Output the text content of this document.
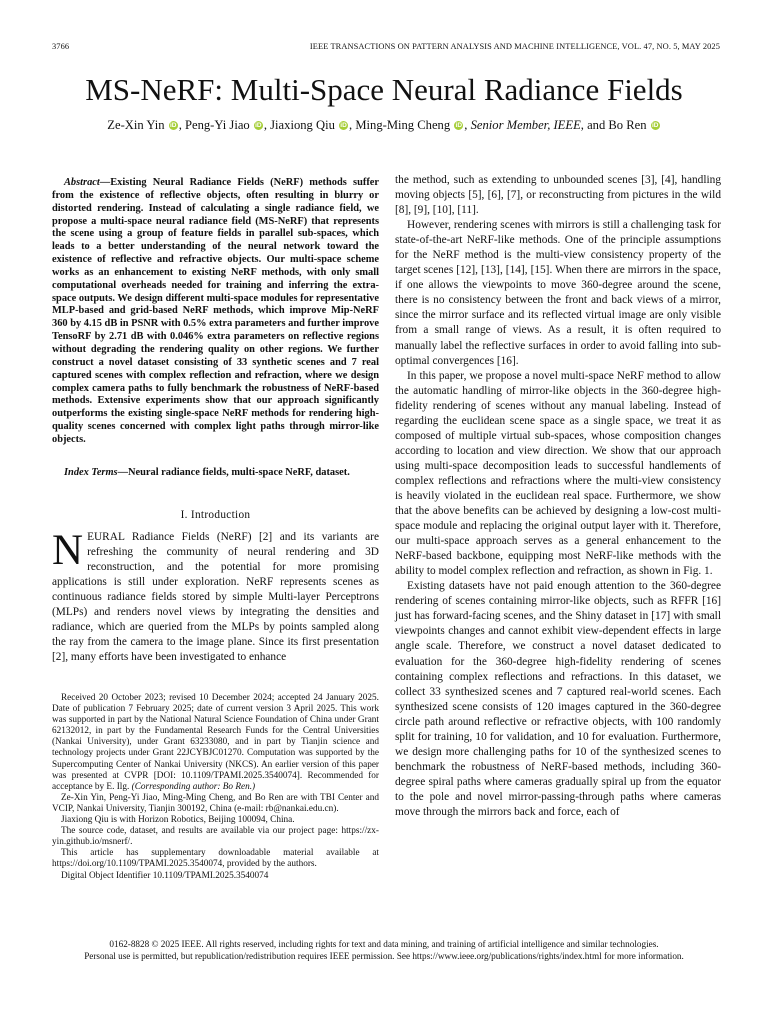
3766	IEEE TRANSACTIONS ON PATTERN ANALYSIS AND MACHINE INTELLIGENCE, VOL. 47, NO. 5, MAY 2025
MS-NeRF: Multi-Space Neural Radiance Fields
Ze-Xin Yin iD , Peng-Yi Jiao iD , Jiaxiong Qiu iD , Ming-Ming Cheng iD , Senior Member, IEEE, and Bo Ren iD

Abstract—Existing Neural Radiance Fields (NeRF) methods suffer from the existence of reflective objects, often resulting in blurry or distorted rendering. Instead of calculating a single radiance field, we propose a multi-space neural radiance field (MS-NeRF) that represents the scene using a group of feature fields in parallel sub-spaces, which leads to a better understanding of the neural network toward the existence of reflective and refractive objects. Our multi-space scheme works as an enhancement to existing NeRF methods, with only small computational overheads needed for training and inferring the extra-space outputs. We design different multi-space modules for representative MLP-based and grid-based NeRF methods, which improve Mip-NeRF 360 by 4.15 dB in PSNR with 0.5% extra parameters and further improve TensoRF by 2.71 dB with 0.046% extra parameters on reflective regions without degrading the rendering quality on other regions. We further construct a novel dataset consisting of 33 synthetic scenes and 7 real captured scenes with complex reflection and refraction, where we design complex camera paths to fully benchmark the robustness of NeRF-based methods. Extensive experiments show that our approach significantly outperforms the existing single-space NeRF methods for rendering high-quality scenes concerned with complex light paths through mirror-like objects.

Index Terms—Neural radiance fields, multi-space NeRF, dataset.

I. Introduction

NEURAL Radiance Fields (NeRF) [2] and its variants are refreshing the community of neural rendering and 3D reconstruction, and the potential for more promising applications is still under exploration. NeRF represents scenes as continuous radiance fields stored by simple Multi-layer Perceptrons (MLPs) and renders novel views by integrating the densities and radiance, which are queried from the MLPs by points sampled along the ray from the camera to the image plane. Since its first presentation [2], many efforts have been investigated to enhance

Received 20 October 2023; revised 10 December 2024; accepted 24 January 2025. Date of publication 7 February 2025; date of current version 3 April 2025. This work was supported in part by the National Natural Science Foundation of China under Grant 62132012, in part by the Fundamental Research Funds for the Central Universities (Nankai University), under Grant 63233080, and in part by Tianjin science and technology projects under Grant 22JCYBJC01270. Computation was supported by the Supercomputing Center of Nankai University (NKCS). An earlier version of this paper was presented at CVPR [DOI: 10.1109/TPAMI.2025.3540074]. Recommended for acceptance by E. Ilg. (Corresponding author: Bo Ren.)

Ze-Xin Yin, Peng-Yi Jiao, Ming-Ming Cheng, and Bo Ren are with TBI Center and VCIP, Nankai University, Tianjin 300192, China (e-mail: rb@nankai.edu.cn).

Jiaxiong Qiu is with Horizon Robotics, Beijing 100094, China.

The source code, dataset, and results are available via our project page: https://zx-yin.github.io/msnerf/.

This article has supplementary downloadable material available at https://doi.org/10.1109/TPAMI.2025.3540074, provided by the authors.

Digital Object Identifier 10.1109/TPAMI.2025.3540074

the method, such as extending to unbounded scenes [3], [4], handling moving objects [5], [6], [7], or reconstructing from pictures in the wild [8], [9], [10], [11].

However, rendering scenes with mirrors is still a challenging task for state-of-the-art NeRF-like methods. One of the principle assumptions for the NeRF method is the multi-view consistency property of the target scenes [12], [13], [14], [15]. When there are mirrors in the space, if one allows the viewpoints to move 360-degree around the scene, there is no consistency between the front and back views of a mirror, since the mirror surface and its reflected virtual image are only visible from a small range of views. As a result, it is often required to manually label the reflective surfaces in order to avoid falling into sub-optimal convergences [16].

In this paper, we propose a novel multi-space NeRF method to allow the automatic handling of mirror-like objects in the 360-degree high-fidelity rendering of scenes without any manual labeling. Instead of regarding the euclidean scene space as a single space, we treat it as composed of multiple virtual sub-spaces, whose composition changes according to location and view direction. We show that our approach using multi-space decomposition leads to successful handlements of complex reflections and refractions where the multi-view consistency is heavily violated in the euclidean real space. Furthermore, we show that the above benefits can be achieved by designing a low-cost multi-space module and replacing the original output layer with it. Therefore, our multi-space approach serves as a general enhancement to the NeRF-based backbone, equipping most NeRF-like methods with the ability to model complex reflection and refraction, as shown in Fig. 1.

Existing datasets have not paid enough attention to the 360-degree rendering of scenes containing mirror-like objects, such as RFFR [16] just has forward-facing scenes, and the Shiny dataset in [17] with small viewpoints changes and cannot exhibit view-dependent effects in large angle scale. Therefore, we construct a novel dataset dedicated to evaluation for the 360-degree high-fidelity rendering of scenes containing complex reflections and refractions. In this dataset, we collect 33 synthesized scenes and 7 captured real-world scenes. Each synthesized scene consists of 120 images captured in the 360-degree circle path around reflective or refractive objects, with 100 randomly split for training, 10 for validation, and 10 for evaluation. Furthermore, we design more challenging paths for 10 of the synthesized scenes to benchmark the robustness of NeRF-based methods, including 360-degree spiral paths where cameras gradually spiral up from the equator to the pole and novel mirror-passing-through paths where cameras move through the mirrors back and force, each of

0162-8828 © 2025 IEEE. All rights reserved, including rights for text and data mining, and training of artificial intelligence and similar technologies.
Personal use is permitted, but republication/redistribution requires IEEE permission. See https://www.ieee.org/publications/rights/index.html for more information.
